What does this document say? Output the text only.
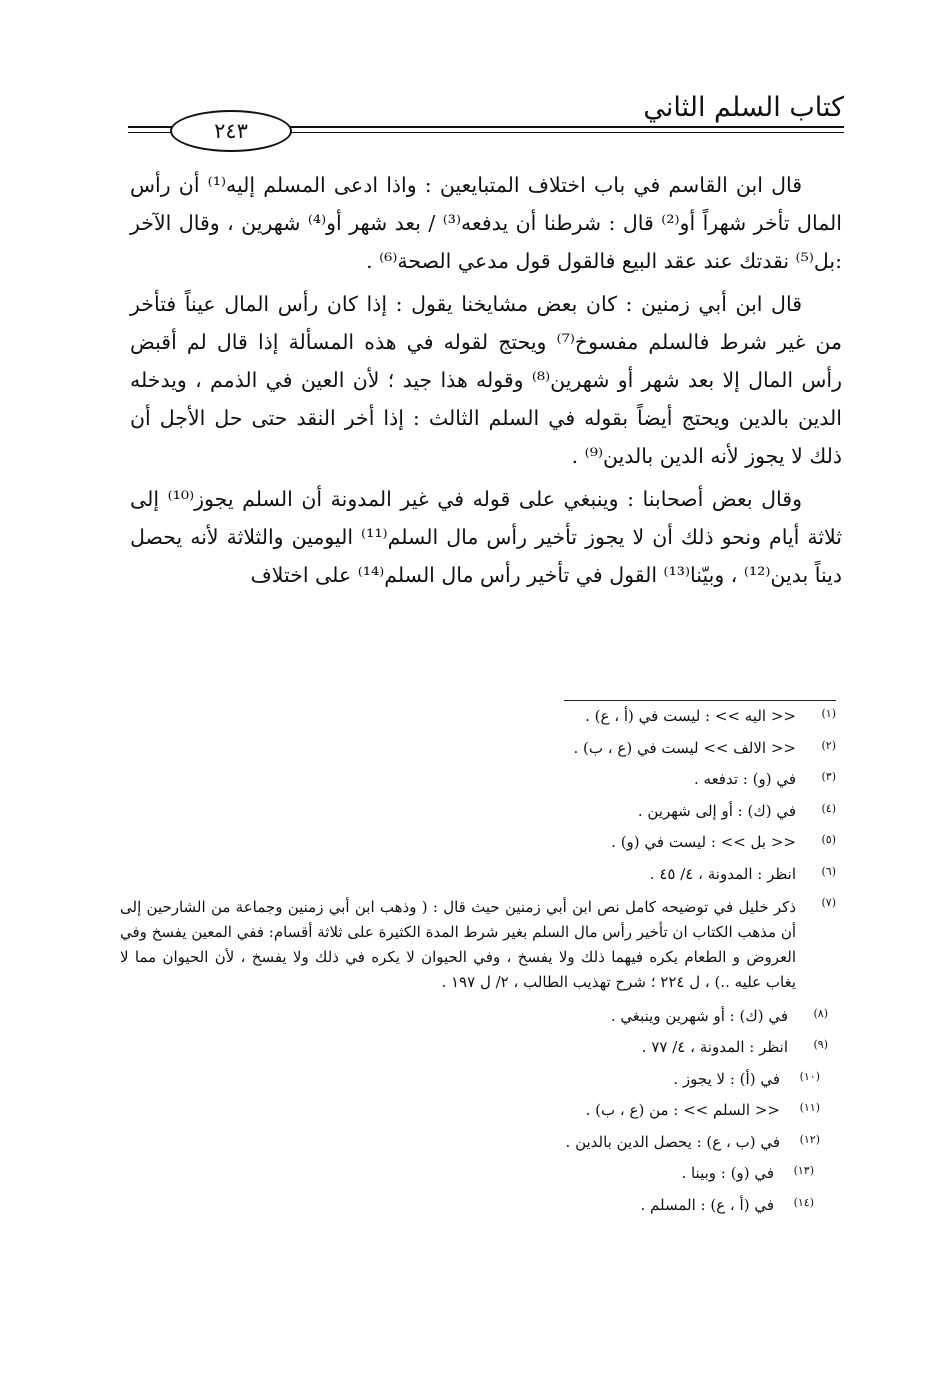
كتاب السلم الثاني
٢٤٣

قال ابن القاسم في باب اختلاف المتبايعين : واذا ادعى المسلم إليه⁽¹⁾ أن رأس المال تأخر شهراً أو⁽²⁾ قال : شرطنا أن يدفعه⁽³⁾ / بعد شهر أو⁽⁴⁾ شهرين ، وقال الآخر :بل⁽⁵⁾ نقدتك عند عقد البيع فالقول قول مدعي الصحة⁽⁶⁾ .

قال ابن أبي زمنين : كان بعض مشايخنا يقول : إذا كان رأس المال عيناً فتأخر من غير شرط فالسلم مفسوخ⁽⁷⁾ ويحتج لقوله في هذه المسألة إذا قال لم أقبض رأس المال إلا بعد شهر أو شهرين⁽⁸⁾ وقوله هذا جيد ؛ لأن العين في الذمم ، ويدخله الدين بالدين ويحتج أيضاً بقوله في السلم الثالث : إذا أخر النقد حتى حل الأجل أن ذلك لا يجوز لأنه الدين بالدين⁽⁹⁾ .

وقال بعض أصحابنا : وينبغي على قوله في غير المدونة أن السلم يجوز⁽¹⁰⁾ إلى ثلاثة أيام ونحو ذلك أن لا يجوز تأخير رأس مال السلم⁽¹¹⁾ اليومين والثلاثة لأنه يحصل ديناً بدين⁽¹²⁾ ، وبيّنا⁽¹³⁾ القول في تأخير رأس مال السلم⁽¹⁴⁾ على اختلاف

(١)
<< اليه >> : ليست في (أ ، ع) .
(٢)
<< الالف >> ليست في (ع ، ب) .
(٣)
في (و) : تدفعه .
(٤)
في (ك) : أو إلى شهرين .
(٥)
<< بل >> : ليست في (و) .
(٦)
انظر : المدونة ، ٤/ ٤٥ .
(٧)
ذكر خليل في توضيحه كامل نص ابن أبي زمنين حيث قال : ( وذهب ابن أبي زمنين وجماعة من الشارحين إلى أن مذهب الكتاب ان تأخير رأس مال السلم بغير شرط المدة الكثيرة على ثلاثة أقسام: ففي المعين يفسخ وفي العروض و الطعام يكره فيهما ذلك ولا يفسخ ، وفي الحيوان لا يكره في ذلك ولا يفسخ ، لأن الحيوان مما لا يغاب عليه ..) ، ل ٢٢٤ ؛ شرح تهذيب الطالب ، ٢/ ل ١٩٧ .
(٨)
في (ك) : أو شهرين وينبغي .
(٩)
انظر : المدونة ، ٤/ ٧٧ .
(١٠)
في (أ) : لا يجوز .
(١١)
<< السلم >> : من (ع ، ب) .
(١٢)
في (ب ، ع) : يحصل الدين بالدين .
(١٣)
في (و) : وبينا .
(١٤)
في (أ ، ع) : المسلم .
